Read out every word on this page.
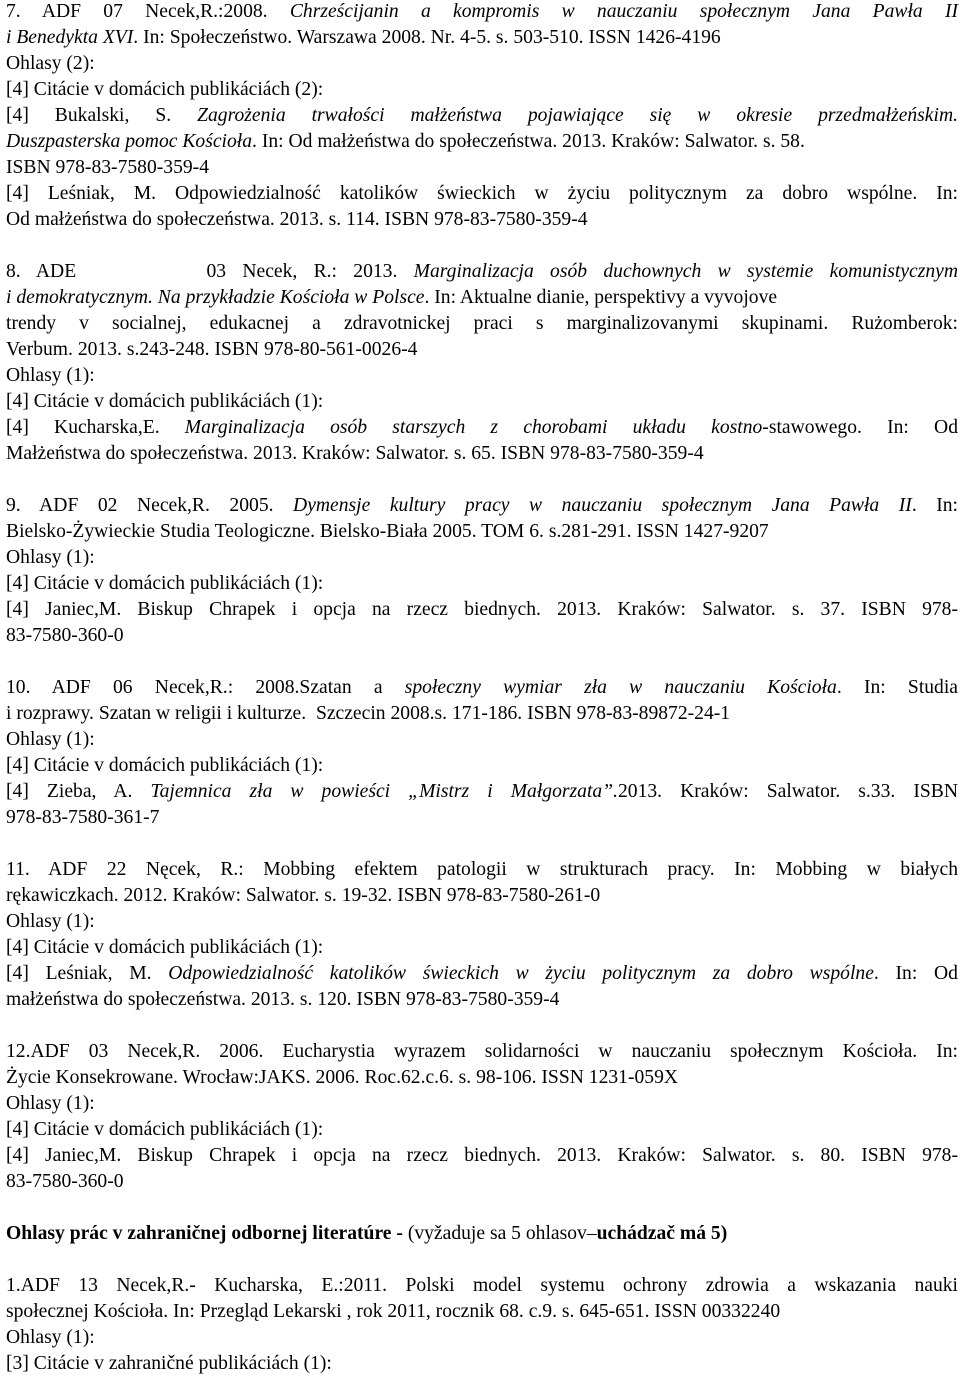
7. ADF 07 Necek,R.:2008. Chrześcijanin a kompromis w nauczaniu społecznym Jana Pawła II
i Benedykta XVI. In: Społeczeństwo. Warszawa 2008. Nr. 4-5. s. 503-510. ISSN 1426-4196
Ohlasy (2):
[4] Citácie v domácich publikáciách (2):
[4] Bukalski, S. Zagrożenia trwałości małżeństwa pojawiające się w okresie przedmałżeńskim.
Duszpasterska pomoc Kościoła. In: Od małżeństwa do społeczeństwa. 2013. Kraków: Salwator. s. 58.
ISBN 978-83-7580-359-4
[4] Leśniak, M. Odpowiedzialność katolików świeckich w życiu politycznym za dobro wspólne. In:
Od małżeństwa do społeczeństwa. 2013. s. 114. ISBN 978-83-7580-359-4
8. ADE        03 Necek, R.: 2013. Marginalizacja osób duchownych w systemie komunistycznym
i demokratycznym. Na przykładzie Kościoła w Polsce. In: Aktualne dianie, perspektivy a vyvojove
trendy v socialnej, edukacnej a zdravotnickej praci s marginalizovanymi skupinami. Rużomberok:
Verbum. 2013. s.243-248. ISBN 978-80-561-0026-4
Ohlasy (1):
[4] Citácie v domácich publikáciách (1):
[4] Kucharska,E. Marginalizacja osób starszych z chorobami układu kostno-stawowego. In: Od
Małżeństwa do społeczeństwa. 2013. Kraków: Salwator. s. 65. ISBN 978-83-7580-359-4
9. ADF 02 Necek,R. 2005. Dymensje kultury pracy w nauczaniu społecznym Jana Pawła II. In:
Bielsko-Żywieckie Studia Teologiczne. Bielsko-Biała 2005. TOM 6. s.281-291. ISSN 1427-9207
Ohlasy (1):
[4] Citácie v domácich publikáciách (1):
[4] Janiec,M. Biskup Chrapek i opcja na rzecz biednych. 2013. Kraków: Salwator. s. 37. ISBN 978-
83-7580-360-0
10. ADF 06 Necek,R.: 2008.Szatan a społeczny wymiar zła w nauczaniu Kościoła. In: Studia
i rozprawy. Szatan w religii i kulturze.  Szczecin 2008.s. 171-186. ISBN 978-83-89872-24-1
Ohlasy (1):
[4] Citácie v domácich publikáciách (1):
[4] Zieba, A. Tajemnica zła w powieści „Mistrz i Małgorzata”.2013. Kraków: Salwator. s.33. ISBN
978-83-7580-361-7
11. ADF 22 Nęcek, R.: Mobbing efektem patologii w strukturach pracy. In: Mobbing w białych
rękawiczkach. 2012. Kraków: Salwator. s. 19-32. ISBN 978-83-7580-261-0
Ohlasy (1):
[4] Citácie v domácich publikáciách (1):
[4] Leśniak, M. Odpowiedzialność katolików świeckich w życiu politycznym za dobro wspólne. In: Od
małżeństwa do społeczeństwa. 2013. s. 120. ISBN 978-83-7580-359-4
12.ADF 03 Necek,R. 2006. Eucharystia wyrazem solidarności w nauczaniu społecznym Kościoła. In:
Życie Konsekrowane. Wrocław:JAKS. 2006. Roc.62.c.6. s. 98-106. ISSN 1231-059X
Ohlasy (1):
[4] Citácie v domácich publikáciách (1):
[4] Janiec,M. Biskup Chrapek i opcja na rzecz biednych. 2013. Kraków: Salwator. s. 80. ISBN 978-
83-7580-360-0
Ohlasy prác v zahraničnej odbornej literatúre - (vyžaduje sa 5 ohlasov–uchádzač má 5)
1.ADF 13 Necek,R.- Kucharska, E.:2011. Polski model systemu ochrony zdrowia a wskazania nauki
społecznej Kościoła. In: Przegląd Lekarski , rok 2011, rocznik 68. c.9. s. 645-651. ISSN 00332240
Ohlasy (1):
[3] Citácie v zahraničné publikáciách (1):
